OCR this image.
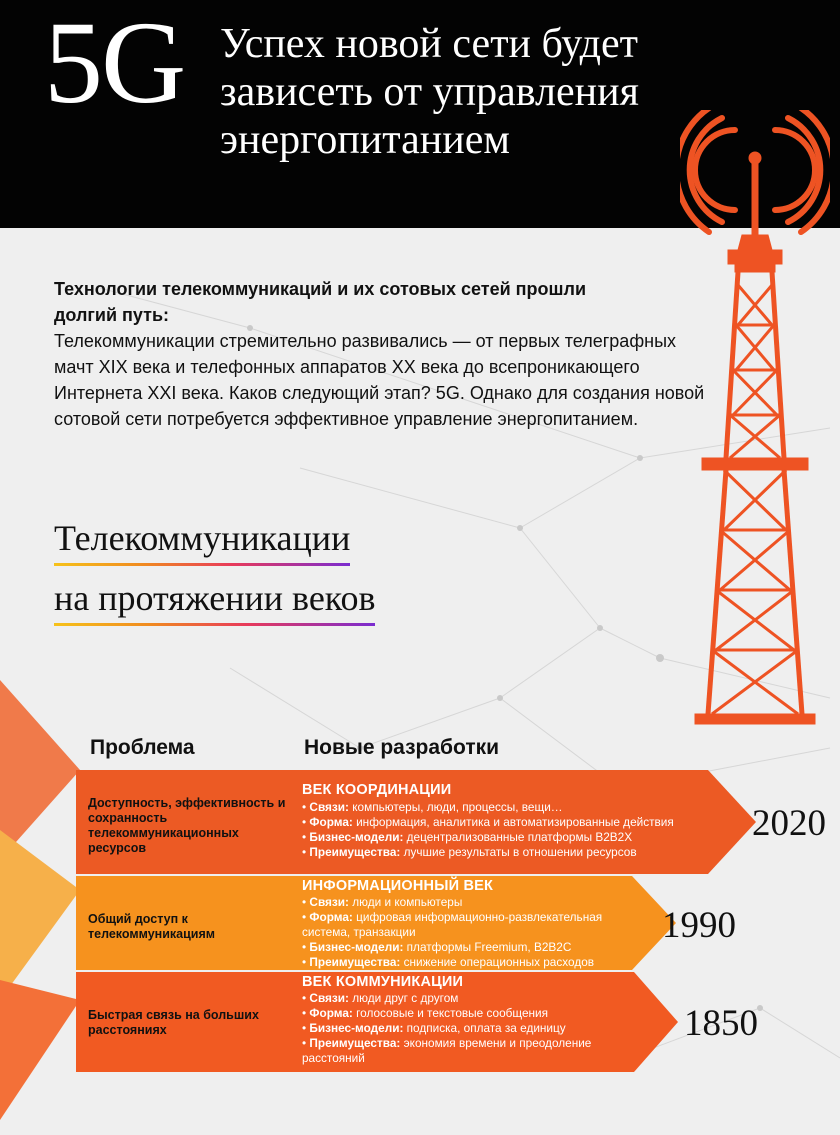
5G Успех новой сети будет зависеть от управления энергопитанием
Технологии телекоммуникаций и их сотовых сетей прошли долгий путь:
Телекоммуникации стремительно развивались — от первых телеграфных мачт XIX века и телефонных аппаратов XX века до всепроникающего Интернета XXI века. Каков следующий этап? 5G. Однако для создания новой сотовой сети потребуется эффективное управление энергопитанием.
Телекоммуникации
на протяжении веков
Проблема	Новые разработки
Доступность, эффективность и сохранность телекоммуникационных ресурсов
ВЕК КООРДИНАЦИИ
• Связи: компьютеры, люди, процессы, вещи…
• Форма: информация, аналитика и автоматизированные действия
• Бизнес-модели: децентрализованные платформы B2B2X
• Преимущества: лучшие результаты в отношении ресурсов
2020
Общий доступ к телекоммуникациям
ИНФОРМАЦИОННЫЙ ВЕК
• Связи: люди и компьютеры
• Форма: цифровая информационно-развлекательная система, транзакции
• Бизнес-модели: платформы Freemium, B2B2C
• Преимущества: снижение операционных расходов
1990
Быстрая связь на больших расстояниях
ВЕК КОММУНИКАЦИИ
• Связи: люди друг с другом
• Форма: голосовые и текстовые сообщения
• Бизнес-модели: подписка, оплата за единицу
• Преимущества: экономия времени и преодоление расстояний
1850
